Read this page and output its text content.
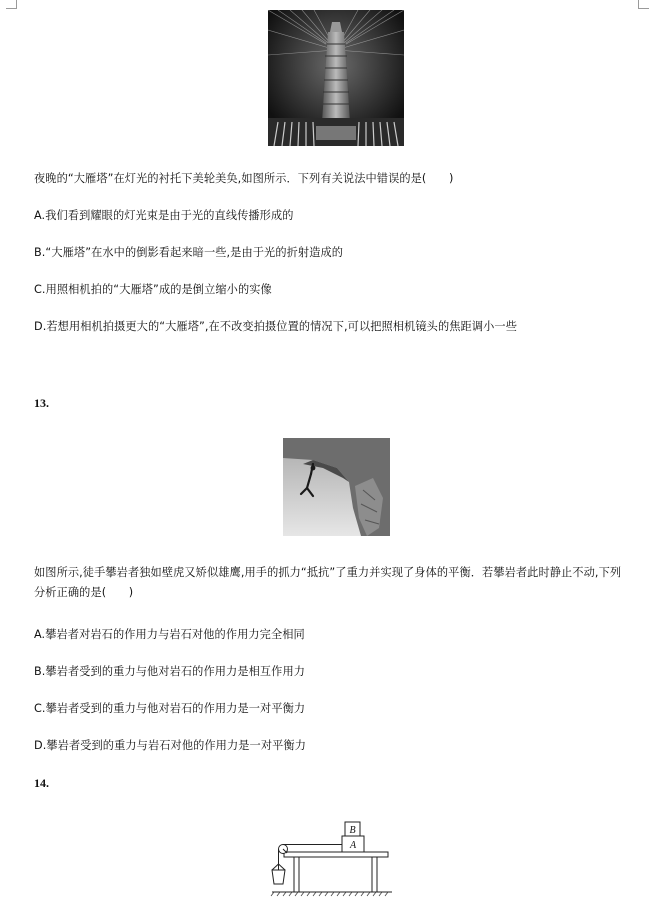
夜晚的“大雁塔”在灯光的衬托下美轮美奂,如图所示．下列有关说法中错误的是(　　)
A.我们看到耀眼的灯光束是由于光的直线传播形成的
B.“大雁塔”在水中的倒影看起来暗一些,是由于光的折射造成的
C.用照相机拍的“大雁塔”成的是倒立缩小的实像
D.若想用相机拍摄更大的“大雁塔”,在不改变拍摄位置的情况下,可以把照相机镜头的焦距调小一些
13.
如图所示,徒手攀岩者独如壁虎又矫似雄鹰,用手的抓力“抵抗”了重力并实现了身体的平衡．若攀岩者此时静止不动,下列分析正确的是(　　)
A.攀岩者对岩石的作用力与岩石对他的作用力完全相同
B.攀岩者受到的重力与他对岩石的作用力是相互作用力
C.攀岩者受到的重力与他对岩石的作用力是一对平衡力
D.攀岩者受到的重力与岩石对他的作用力是一对平衡力
14.
B
A
